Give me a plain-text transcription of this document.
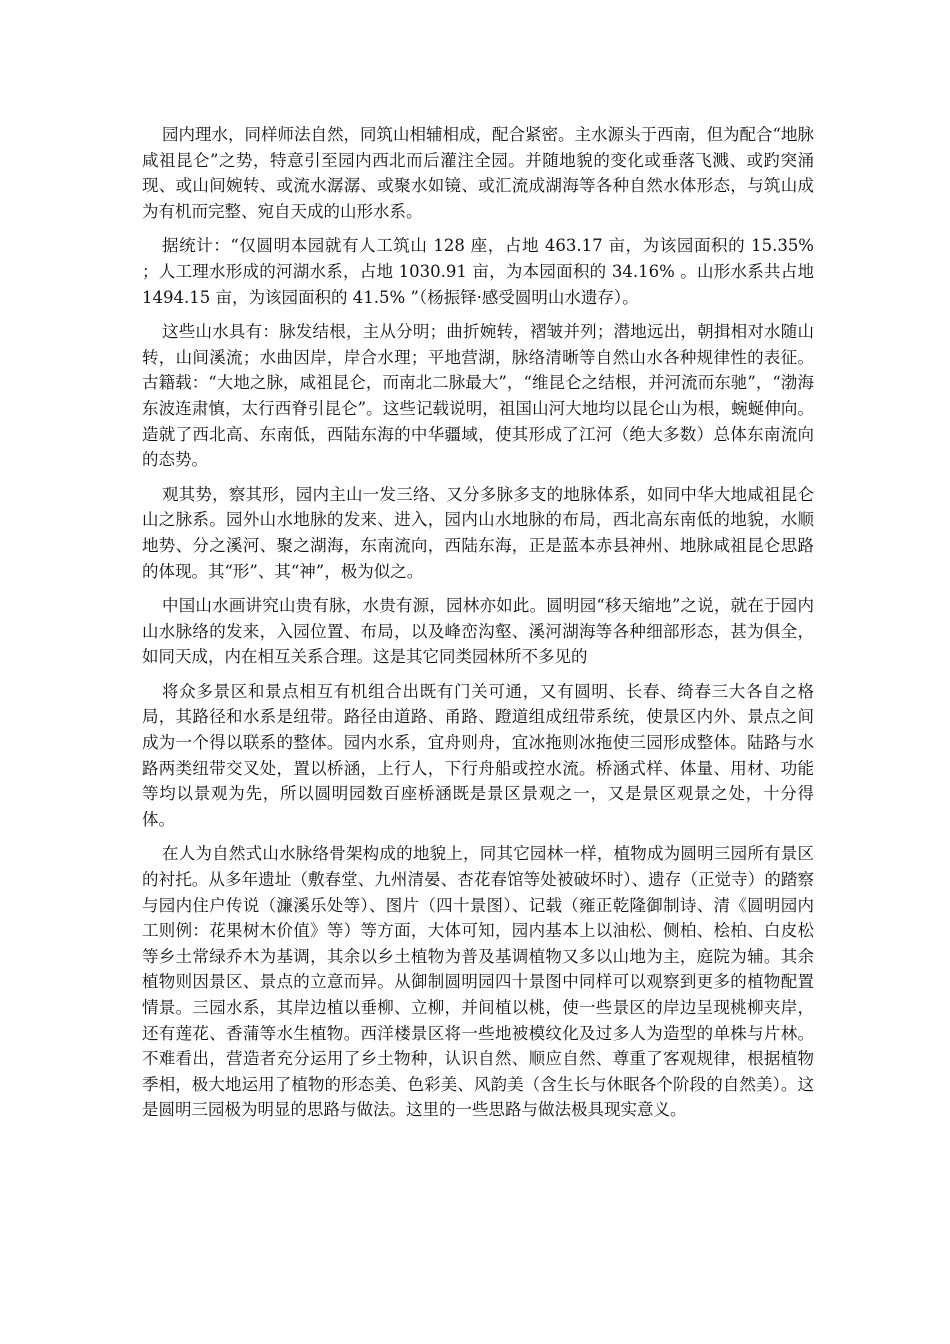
园内理水，同样师法自然，同筑山相辅相成，配合紧密。主水源头于西南，但为配合“地脉咸祖昆仑”之势，特意引至园内西北而后灌注全园。并随地貌的变化或垂落飞溅、或趵突涌现、或山间婉转、或流水潺潺、或聚水如镜、或汇流成湖海等各种自然水体形态，与筑山成为有机而完整、宛自天成的山形水系。

据统计：“仅圆明本园就有人工筑山 128 座，占地 463.17 亩，为该园面积的 15.35% ；人工理水形成的河湖水系，占地 1030.91 亩，为本园面积的 34.16% 。山形水系共占地 1494.15 亩，为该园面积的 41.5% ”（杨振铎·感受圆明山水遗存）。

这些山水具有：脉发结根，主从分明；曲折婉转，褶皱并列；潜地远出，朝揖相对水随山转，山间溪流；水曲因岸，岸合水理；平地营湖，脉络清晰等自然山水各种规律性的表征。古籍载：“大地之脉，咸祖昆仑，而南北二脉最大”，“维昆仑之结根，并河流而东驰”，“渤海东波连肃慎，太行西脊引昆仑”。这些记载说明，祖国山河大地均以昆仑山为根，蜿蜒伸向。造就了西北高、东南低，西陆东海的中华疆域，使其形成了江河（绝大多数）总体东南流向的态势。

观其势，察其形，园内主山一发三络、又分多脉多支的地脉体系，如同中华大地咸祖昆仑山之脉系。园外山水地脉的发来、进入，园内山水地脉的布局，西北高东南低的地貌，水顺地势、分之溪河、聚之湖海，东南流向，西陆东海，正是蓝本赤县神州、地脉咸祖昆仑思路的体现。其“形”、其“神”，极为似之。

中国山水画讲究山贵有脉，水贵有源，园林亦如此。圆明园“移天缩地”之说，就在于园内山水脉络的发来，入园位置、布局，以及峰峦沟壑、溪河湖海等各种细部形态，甚为俱全，如同天成，内在相互关系合理。这是其它同类园林所不多见的

将众多景区和景点相互有机组合出既有门关可通，又有圆明、长春、绮春三大各自之格局，其路径和水系是纽带。路径由道路、甬路、蹬道组成纽带系统，使景区内外、景点之间成为一个得以联系的整体。园内水系，宜舟则舟，宜冰拖则冰拖使三园形成整体。陆路与水路两类纽带交叉处，置以桥涵，上行人，下行舟船或控水流。桥涵式样、体量、用材、功能等均以景观为先，所以圆明园数百座桥涵既是景区景观之一，又是景区观景之处，十分得体。

在人为自然式山水脉络骨架构成的地貌上，同其它园林一样，植物成为圆明三园所有景区的衬托。从多年遗址（敷春堂、九州清晏、杏花春馆等处被破坏时）、遗存（正觉寺）的踏察与园内住户传说（濂溪乐处等）、图片（四十景图）、记载（雍正乾隆御制诗、清《圆明园内工则例：花果树木价值》等）等方面，大体可知，园内基本上以油松、侧柏、桧柏、白皮松等乡土常绿乔木为基调，其余以乡土植物为普及基调植物又多以山地为主，庭院为辅。其余植物则因景区、景点的立意而异。从御制圆明园四十景图中同样可以观察到更多的植物配置情景。三园水系，其岸边植以垂柳、立柳，并间植以桃，使一些景区的岸边呈现桃柳夹岸，还有莲花、香蒲等水生植物。西洋楼景区将一些地被模纹化及过多人为造型的单株与片林。不难看出，营造者充分运用了乡土物种，认识自然、顺应自然、尊重了客观规律，根据植物季相，极大地运用了植物的形态美、色彩美、风韵美（含生长与休眠各个阶段的自然美）。这是圆明三园极为明显的思路与做法。这里的一些思路与做法极具现实意义。
